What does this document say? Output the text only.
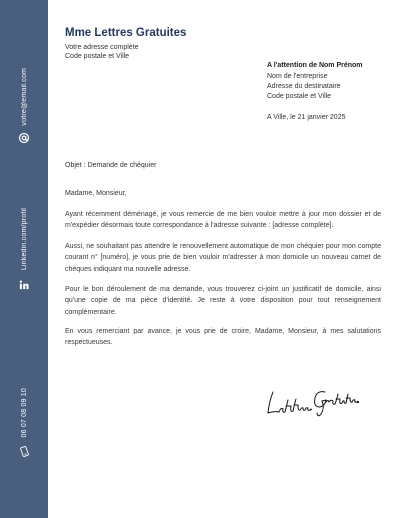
votre@email.com
Linkedin.com/profil
06 07 08 09 10
Mme Lettres Gratuites
Votre adresse complète
Code postale et Ville
A l'attention de Nom Prénom
Nom de l'entreprise
Adresse du destinataire
Code postale et Ville
A Ville, le 21 janvier 2025
Objet : Demande de chéquier
Madame, Monsieur,
Ayant récemment déménagé, je vous remercie de me bien vouloir mettre à jour mon dossier et de m'expédier désormais toute correspondance à l'adresse suivante : [adresse complète].
Aussi, ne souhaitant pas attendre le renouvellement automatique de mon chéquier pour mon compte courant n° [numéro], je vous prie de bien vouloir m'adresser à mon domicile un nouveau carnet de chèques indiquant ma nouvelle adresse.
Pour le bon déroulement de ma demande, vous trouverez ci-joint un justificatif de domicile, ainsi qu'une copie de ma pièce d'identité. Je reste à votre disposition pour tout renseignement complémentaire.
En vous remerciant par avance, je vous prie de croire, Madame, Monsieur, à mes salutations respectueuses.
